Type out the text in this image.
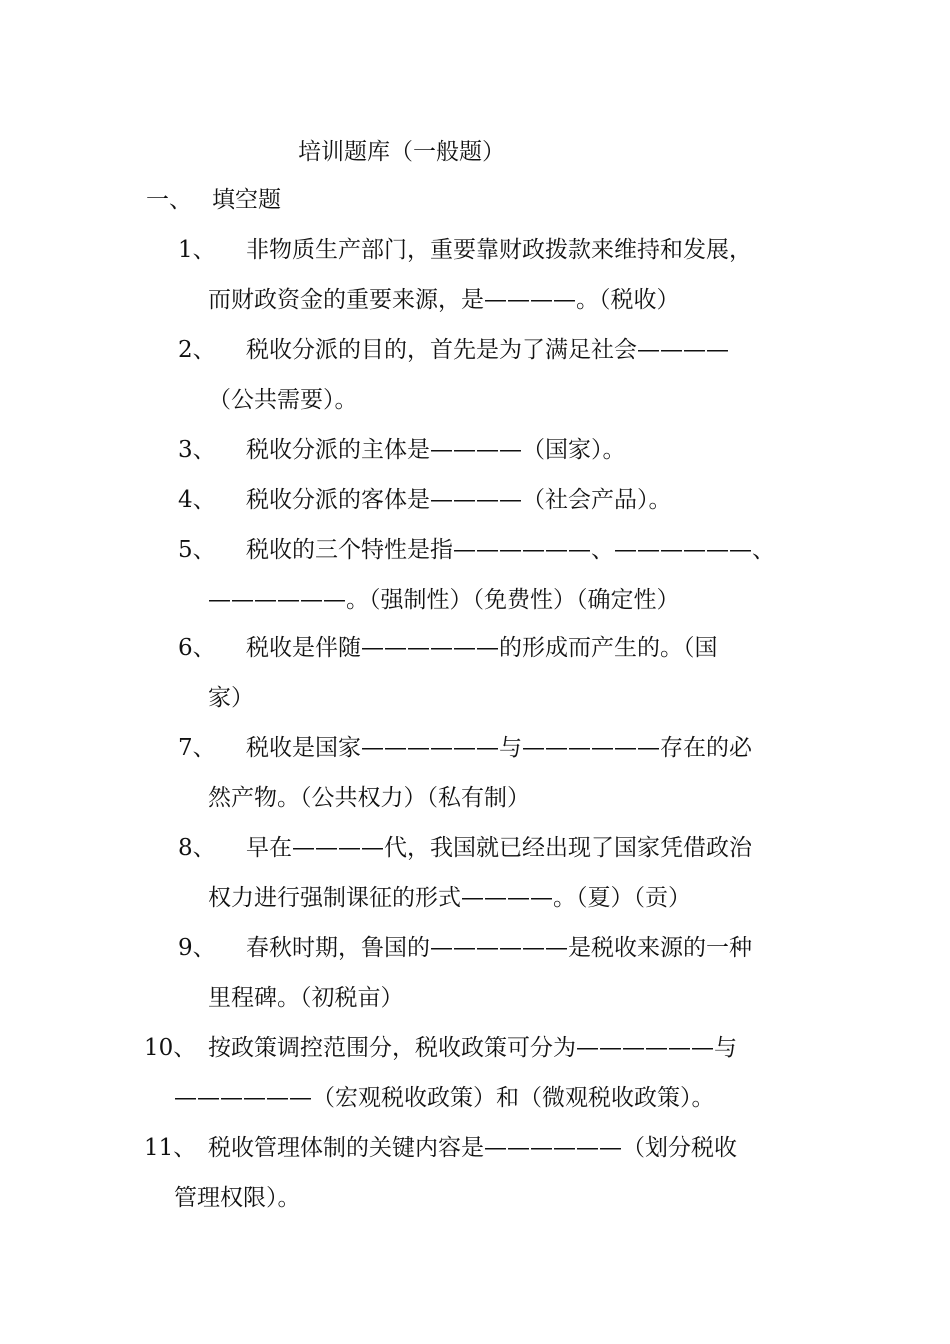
培训题库（一般题）
一、 填空题
1、 非物质生产部门，重要靠财政拨款来维持和发展，
而财政资金的重要来源，是————。（税收）
2、 税收分派的目的，首先是为了满足社会————
（公共需要）。
3、 税收分派的主体是————（国家）。
4、 税收分派的客体是————（社会产品）。
5、 税收的三个特性是指——————、——————、
——————。（强制性）（免费性）（确定性）
6、 税收是伴随——————的形成而产生的。（国
家）
7、 税收是国家——————与——————存在的必
然产物。（公共权力）（私有制）
8、 早在————代，我国就已经出现了国家凭借政治
权力进行强制课征的形式————。（夏）（贡）
9、 春秋时期，鲁国的——————是税收来源的一种
里程碑。（初税亩）
10、 按政策调控范围分，税收政策可分为——————与
——————（宏观税收政策）和（微观税收政策）。
11、 税收管理体制的关键内容是——————（划分税收
管理权限）。
